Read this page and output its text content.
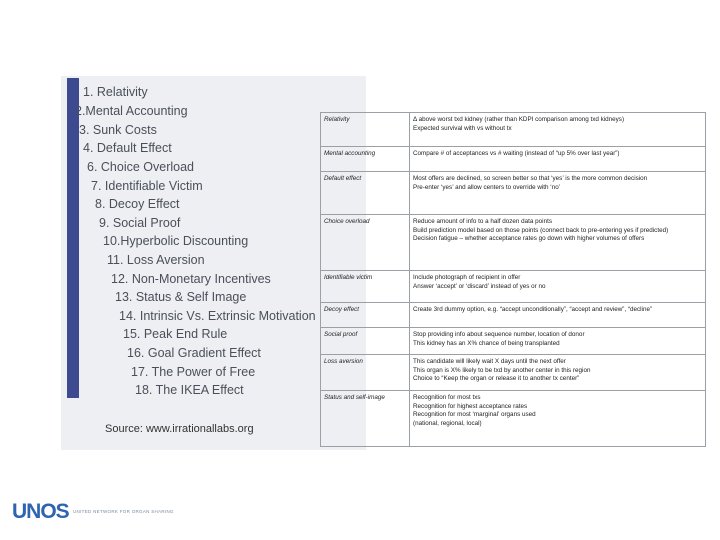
1. Relativity
2.Mental Accounting
3. Sunk Costs
4. Default Effect
6. Choice Overload
7. Identifiable Victim
8. Decoy Effect
9. Social Proof
10.Hyperbolic Discounting
11. Loss Aversion
12. Non-Monetary Incentives
13. Status & Self Image
14. Intrinsic Vs. Extrinsic Motivation
15. Peak End Rule
16. Goal Gradient Effect
17. The Power of Free
18. The IKEA Effect
Source: www.irrationallabs.org
Relativity	Δ above worst txd kidney (rather than KDPI comparison among txd kidneys)
Expected survival with vs without tx

Mental accounting	Compare # of acceptances vs # waiting (instead of “up 5% over last year”)

Default effect	Most offers are declined, so screen better so that ‘yes’ is the more common decision
Pre-enter ‘yes’ and allow centers to override with ‘no’

Choice overload	Reduce amount of info to a half dozen data points
Build prediction model based on those points (connect back to pre-entering yes if predicted)
Decision fatigue – whether acceptance rates go down with higher volumes of offers

Identifiable victim	Include photograph of recipient in offer
Answer ‘accept’ or ‘discard’ instead of yes or no

Decoy effect	Create 3rd dummy option, e.g. “accept unconditionally”, “accept and review”, “decline”

Social proof	Stop providing info about sequence number, location of donor
This kidney has an X% chance of being transplanted

Loss aversion	This candidate will likely wait X days until the next offer
This organ is X% likely to be txd by another center in this region
Choice to “Keep the organ or release it to another tx center”

Status and self-image	Recognition for most txs
Recognition for highest acceptance rates
Recognition for most ‘marginal’ organs used
(national, regional, local)
UNOS UNITED NETWORK FOR ORGAN SHARING
